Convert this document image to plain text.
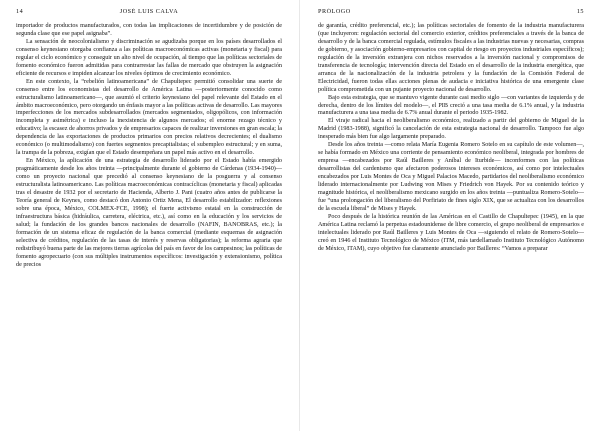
14	JOSÉ LUIS CALVA

importador de productos manufacturados, con todas las implicaciones de incertidumbre y de posición de segunda clase que ese papel asignaba”.

La sensación de neocolonialismo y discriminación se agudizaba porque en los países desarrollados el consenso keynesiano otorgaba confianza a las políticas macroeconómicas activas (monetaria y fiscal) para regular el ciclo económico y conseguir un alto nivel de ocupación, al tiempo que las políticas sectoriales de fomento económico fueron admitidas para contrarrestar las fallas de mercado que obstruyen la asignación eficiente de recursos e impiden alcanzar los niveles óptimos de crecimiento económico.

En este contexto, la “rebelión latinoamericana” de Chapultepec permitió consolidar una suerte de consenso entre los economistas del desarrollo de América Latina —posteriormente conocido como estructuralismo latinoamericano—, que asumió el criterio keynesiano del papel relevante del Estado en el ámbito macroeconómico, pero otorgando un énfasis mayor a las políticas activas de desarrollo. Las mayores imperfecciones de los mercados subdesarrollados (mercados segmentados, oligopólicos, con información incompleta y asimétrica) e incluso la inexistencia de algunos mercados; el enorme rezago técnico y educativo; la escasez de ahorros privados y de empresarios capaces de realizar inversiones en gran escala; la dependencia de las exportaciones de productos primarios con precios relativos decrecientes; el dualismo económico (o multimodalismo) con fuertes segmentos precapitalistas; el subempleo estructural; y en suma, la trampa de la pobreza, exigían que el Estado desempeñara un papel más activo en el desarrollo.

En México, la aplicación de una estrategia de desarrollo liderado por el Estado había emergido pragmáticamente desde los años treinta —principalmente durante el gobierno de Cárdenas (1934-1940)— como un proyecto nacional que precedió al consenso keynesiano de la posguerra y al consenso estructuralista latinoamericano. Las políticas macroeconómicas contracíclicas (monetaria y fiscal) aplicadas tras el desastre de 1932 por el secretario de Hacienda, Alberto J. Pani (cuatro años antes de publicarse la Teoría general de Keynes, como destacó don Antonio Ortiz Mena, El desarrollo estabilizador: reflexiones sobre una época, México, COLMEX-FCE, 1998); el fuerte activismo estatal en la construcción de infraestructura básica (hidráulica, carretera, eléctrica, etc.), así como en la educación y los servicios de salud; la fundación de los grandes bancos nacionales de desarrollo (NAFIN, BANOBRAS, etc.); la formación de un sistema eficaz de regulación de la banca comercial (mediante esquemas de asignación selectiva de créditos, regulación de las tasas de interés y reservas obligatorias); la reforma agraria que redistribuyó buena parte de las mejores tierras agrícolas del país en favor de los campesinos; las políticas de fomento agropecuario (con sus múltiples instrumentos específicos: investigación y extensionismo, política de precios

PRÓLOGO	15

de garantía, crédito preferencial, etc.); las políticas sectoriales de fomento de la industria manufacturera (que incluyeron: regulación sectorial del comercio exterior, créditos preferenciales a través de la banca de desarrollo y de la banca comercial regulada, estímulos fiscales a las industrias nuevas y necesarias, compras de gobierno, y asociación gobierno-empresarios con capital de riesgo en proyectos industriales específicos); regulación de la inversión extranjera con nichos reservados a la inversión nacional y compromisos de transferencia de tecnología; intervención directa del Estado en el desarrollo de la industria energética, que arranca de la nacionalización de la industria petrolera y la fundación de la Comisión Federal de Electricidad, fueron todas ellas acciones plenas de audacia e iniciativa histórica de una emergente clase política comprometida con un pujante proyecto nacional de desarrollo.

Bajo esta estrategia, que se mantuvo vigente durante casi medio siglo —con variantes de izquierda y de derecha, dentro de los límites del modelo—, el PIB creció a una tasa media de 6.1% anual, y la industria manufacturera a una tasa media de 6.7% anual durante el periodo 1935-1982.

El viraje radical hacia el neoliberalismo económico, realizado a partir del gobierno de Miguel de la Madrid (1983-1988), significó la cancelación de esta estrategia nacional de desarrollo. Tampoco fue algo inesperado más bien fue algo largamente preparado.

Desde los años treinta —como relata María Eugenia Romero Sotelo en su capítulo de este volumen—, se había formado en México una corriente de pensamiento económico neoliberal, integrada por hombres de empresa —encabezados por Raúl Bailleres y Aníbal de Iturbide— inconformes con las políticas desarrollistas del cardenismo que afectaron poderosos intereses económicos, así como por intelectuales encabezados por Luis Montes de Oca y Miguel Palacios Macedo, partidarios del neoliberalismo económico liderado internacionalmente por Ludwing von Mises y Friedrich von Hayek. Por su contenido teórico y magnitude histórica, el neoliberalismo mexicano surgido en los años treinta —puntualiza Romero-Sotelo— fue “una prolongación del liberalismo del Porfiriato de fines siglo XIX, que se actualiza con los desarrollos de la escuela liberal” de Mises y Hayek.

Poco después de la histórica reunión de las Américas en el Castillo de Chapultepec (1945), en la que América Latina reclamó la perpetua estadounidense de libre comercio, el grupo neoliberal de empresarios e intelectuales liderado por Raúl Bailleres y Luis Montes de Oca —siguiendo el relato de Romero-Sotelo— creó en 1946 el Instituto Tecnológico de México (ITM, más tardellamado Instituto Tecnológico Autónomo de México, ITAM), cuyo objetivo fue claramente anunciado por Bailleres: “Vamos a preparar
